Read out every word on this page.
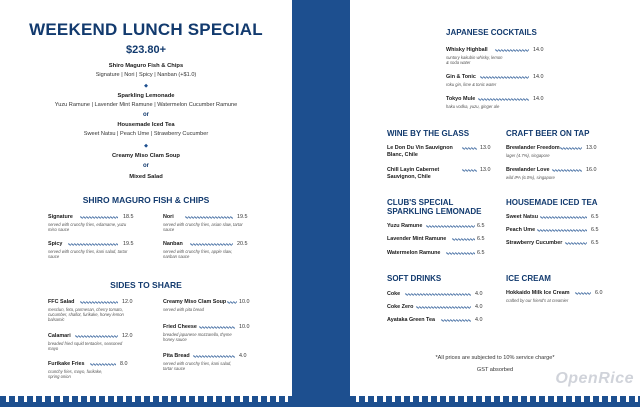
WEEKEND LUNCH SPECIAL
$23.80+
Shiro Maguro Fish & Chips
Signature | Nori | Spicy | Nanban (+$1.0)
◆
Sparkling Lemonade
Yuzu Ramune | Lavender Mint Ramune | Watermelon Cucumber Ramune
or
Housemade Iced Tea
Sweet Natsu | Peach Ume | Strawberry Cucumber
◆
Creamy Miso Clam Soup
or
Mixed Salad
SHIRO MAGURO FISH & CHIPS
Signature	18.5
served with crunchy fries, edamame, yuzu miso sauce
Nori	19.5
served with crunchy fries, asian slaw, tartar sauce
Spicy	19.5
served with crunchy fries, kani salad, tartar sauce
Nanban	20.5
served with crunchy fries, apple slaw, nanban sauce
SIDES TO SHARE
FFC Salad	12.0
mesclun, feta, parmesan, cherry tomato, cucumber, shallot, furikake, honey lemon balsamic
Calamari	12.0
breaded fried squid tentacles, seasoned mayo
Furikake Fries	8.0
crunchy fries, mayo, furikake, spring onion
Creamy Miso Clam Soup 10.0
served with pita bread
Fried Cheese	10.0
breaded japanese mozzarella, thyme honey sauce
Pita Bread	4.0
served with crunchy fries, kani salad, tartar sauce
JAPANESE COCKTAILS
Whisky Highball	14.0
suntory kakubin whisky, lemon & soda water
Gin & Tonic	14.0
roku gin, lime & tonic water
Tokyo Mule	14.0
haku vodka, yuzu, ginger ale
WINE BY THE GLASS
Le Don Du Vin Sauvignon Blanc, Chile
13.0
Chill Layin Cabernet Sauvignon, Chile
13.0
CRAFT BEER ON TAP
Brewlander Freedom	13.0
lager (4.7%), singapore
Brewlander Love	16.0
wild IPA (6.0%), singapore
CLUB'S SPECIAL
SPARKLING LEMONADE
Yuzu Ramune	6.5
Lavender Mint Ramune	6.5
Watermelon Ramune	6.5
HOUSEMADE ICED TEA
Sweet Natsu	6.5
Peach Ume	6.5
Strawberry Cucumber	6.5
SOFT DRINKS
Coke	4.0
Coke Zero	4.0
Ayataka Green Tea	4.0
ICE CREAM
Hokkaido Milk Ice Cream	6.0
crafted by our friend's at creamier
*All prices are subjected to 10% service charge*
GST absorbed	OpenRice
